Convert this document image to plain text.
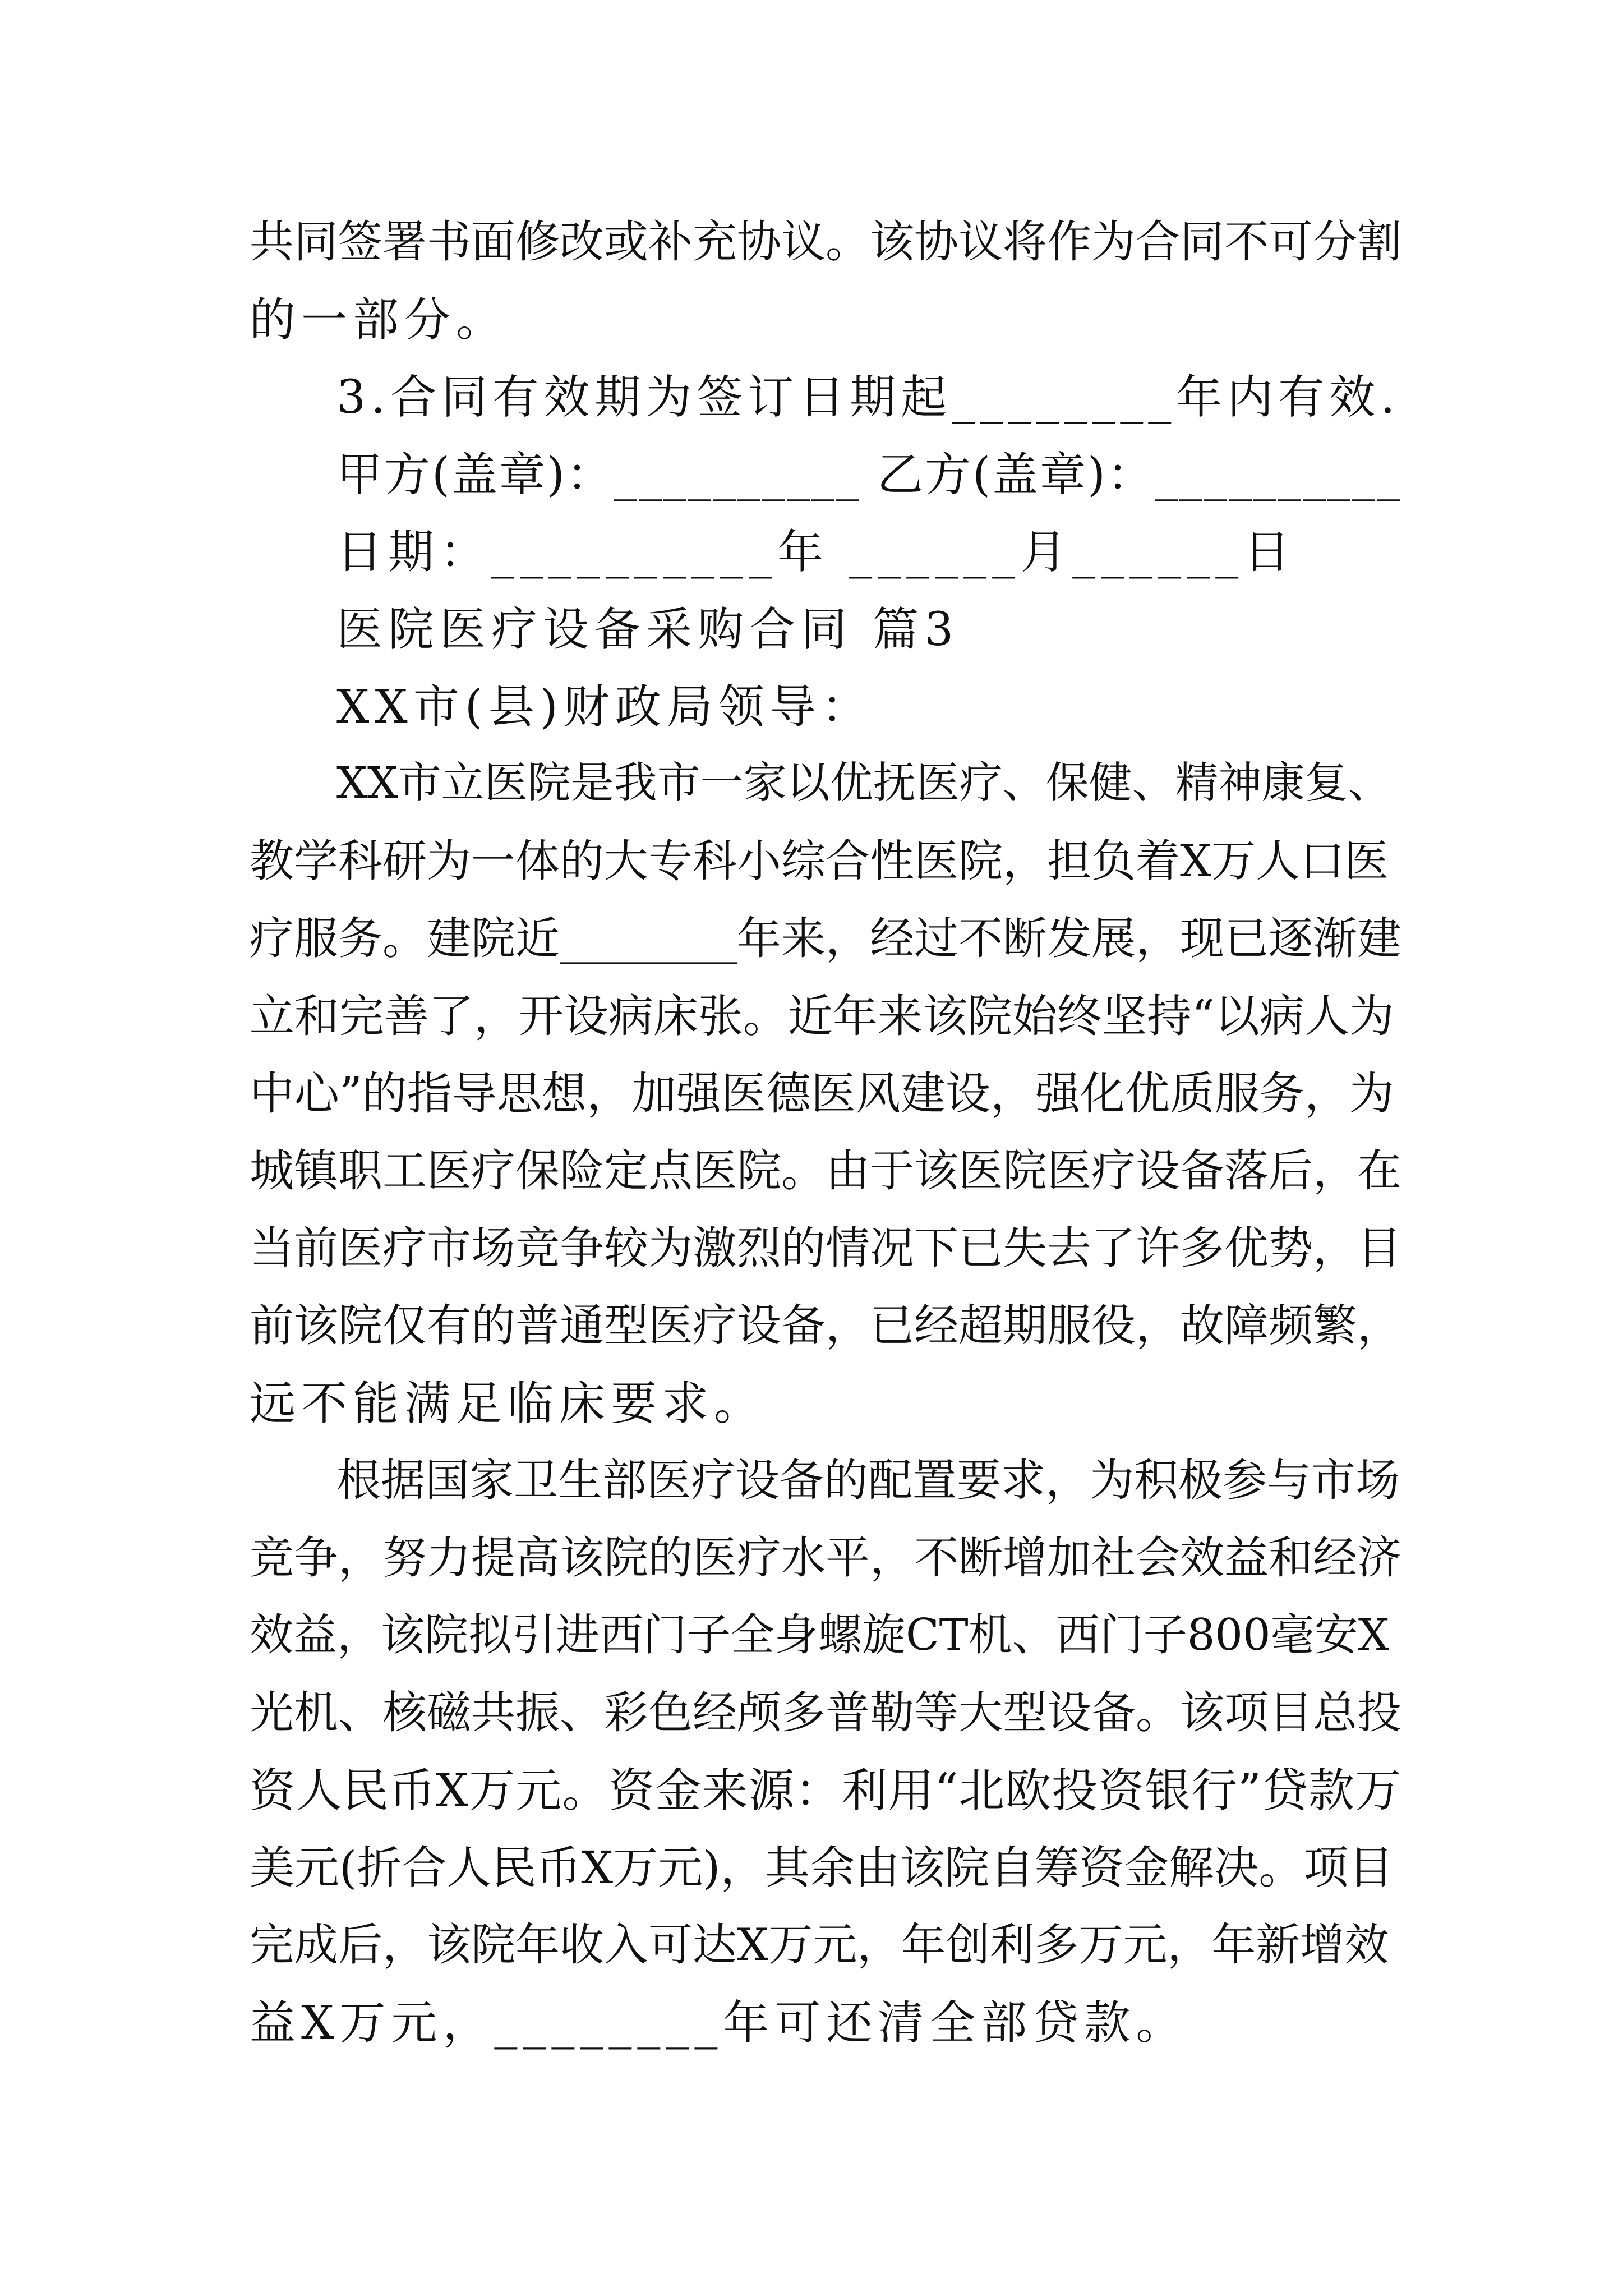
共同签署书面修改或补充协议。该协议将作为合同不可分割

的一部分。

3.合同有效期为签订日期起________年内有效.

甲方(盖章)：__________ 乙方(盖章)：__________

日期：__________年 ______月______日

医院医疗设备采购合同 篇3

XX市(县)财政局领导：

XX市立医院是我市一家以优抚医疗、保健、精神康复、

教学科研为一体的大专科小综合性医院，担负着X万人口医

疗服务。建院近________年来，经过不断发展，现已逐渐建

立和完善了，开设病床张。近年来该院始终坚持“以病人为

中心”的指导思想，加强医德医风建设，强化优质服务，为

城镇职工医疗保险定点医院。由于该医院医疗设备落后，在

当前医疗市场竞争较为激烈的情况下已失去了许多优势，目

前该院仅有的普通型医疗设备，已经超期服役，故障频繁，

远不能满足临床要求。

根据国家卫生部医疗设备的配置要求，为积极参与市场

竞争，努力提高该院的医疗水平，不断增加社会效益和经济

效益，该院拟引进西门子全身螺旋CT机、西门子800毫安X

光机、核磁共振、彩色经颅多普勒等大型设备。该项目总投

资人民币X万元。资金来源：利用“北欧投资银行”贷款万

美元(折合人民币X万元)，其余由该院自筹资金解决。项目

完成后，该院年收入可达X万元，年创利多万元，年新增效

益X万元，________年可还清全部贷款。
